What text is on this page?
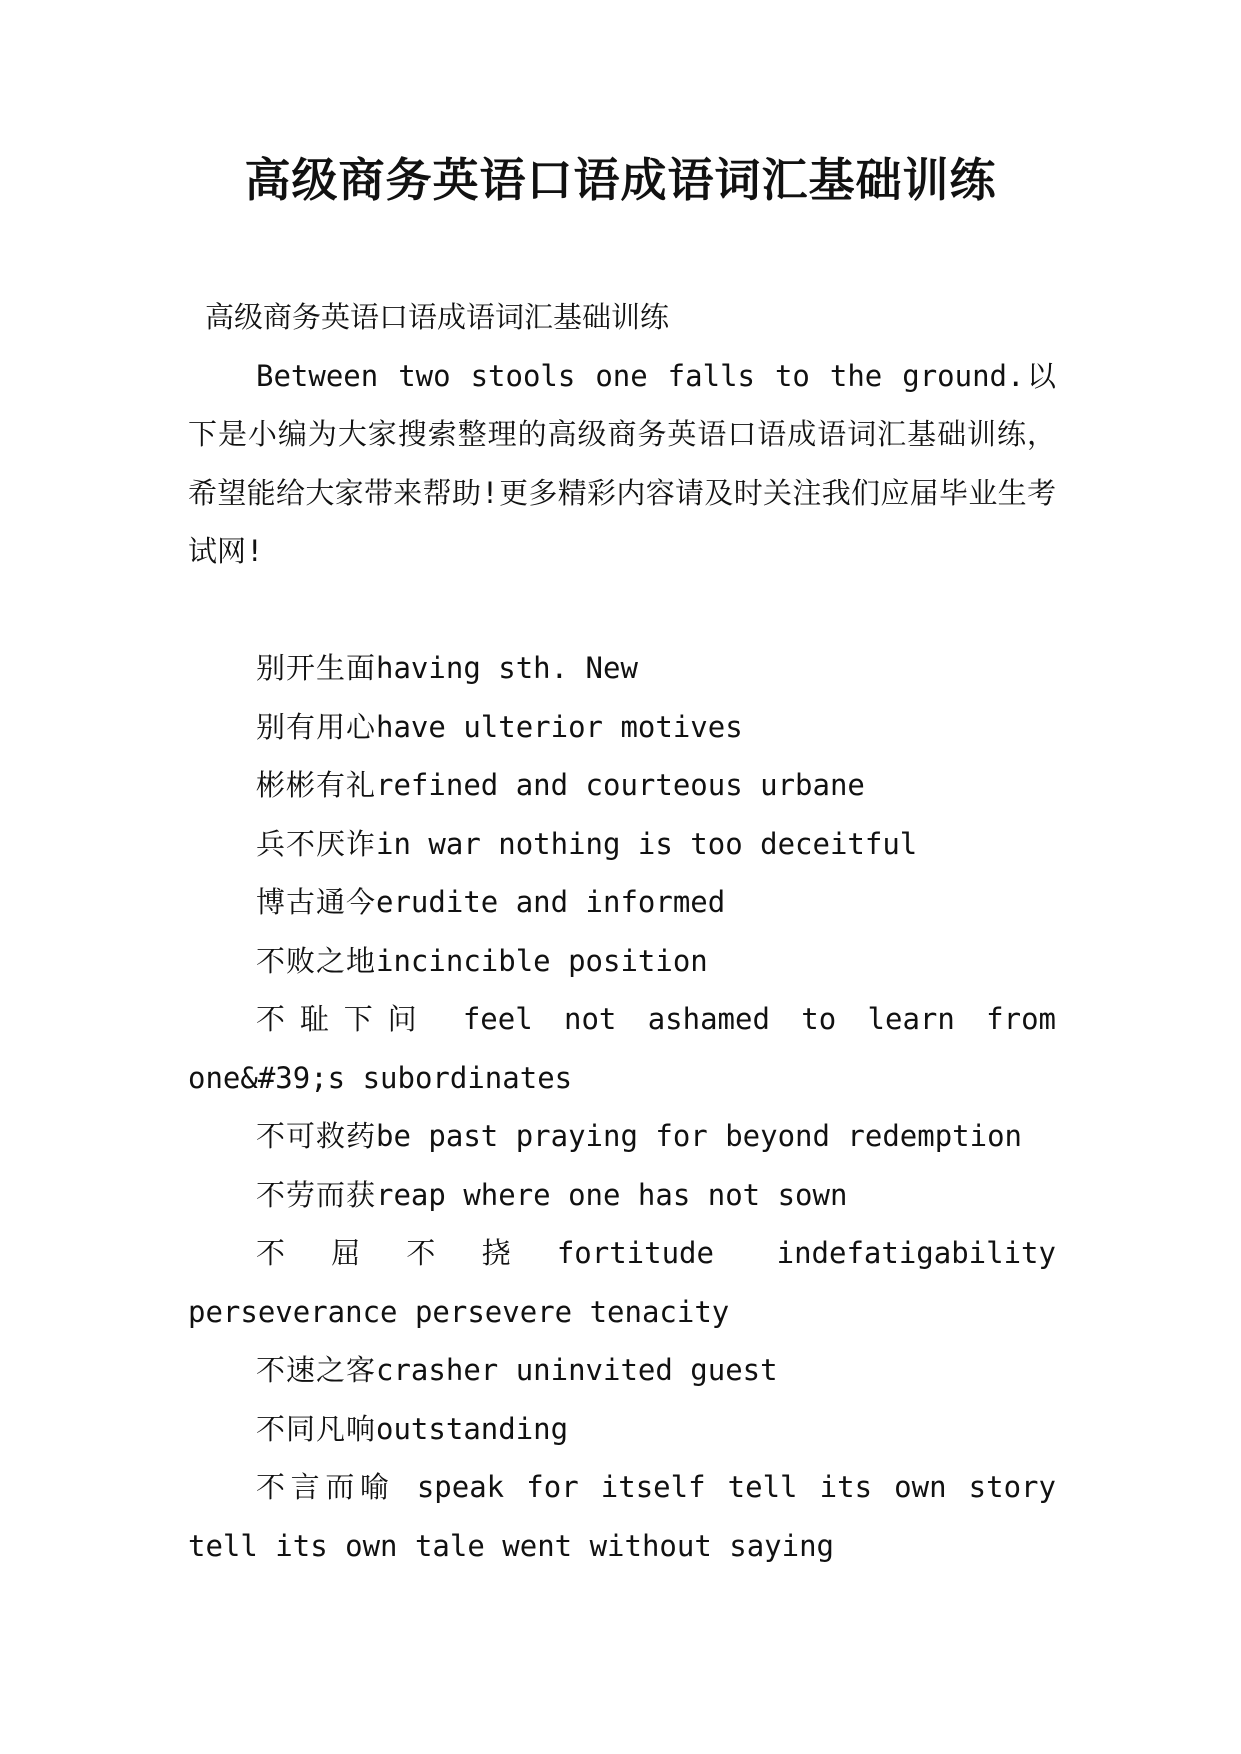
高级商务英语口语成语词汇基础训练

高级商务英语口语成语词汇基础训练

Between two stools one falls to the ground.以下是小编为大家搜索整理的高级商务英语口语成语词汇基础训练，希望能给大家带来帮助!更多精彩内容请及时关注我们应届毕业生考试网!

别开生面having sth. New

别有用心have ulterior motives

彬彬有礼refined and courteous urbane

兵不厌诈in war nothing is too deceitful

博古通今erudite and informed

不败之地incincible position

不耻下问 feel not ashamed to learn from one&#39;s subordinates

不可救药be past praying for beyond redemption

不劳而获reap where one has not sown

不屈不挠fortitude indefatigability perseverance persevere tenacity

不速之客crasher uninvited guest

不同凡响outstanding

不言而喻 speak for itself tell its own story tell its own tale went without saying
